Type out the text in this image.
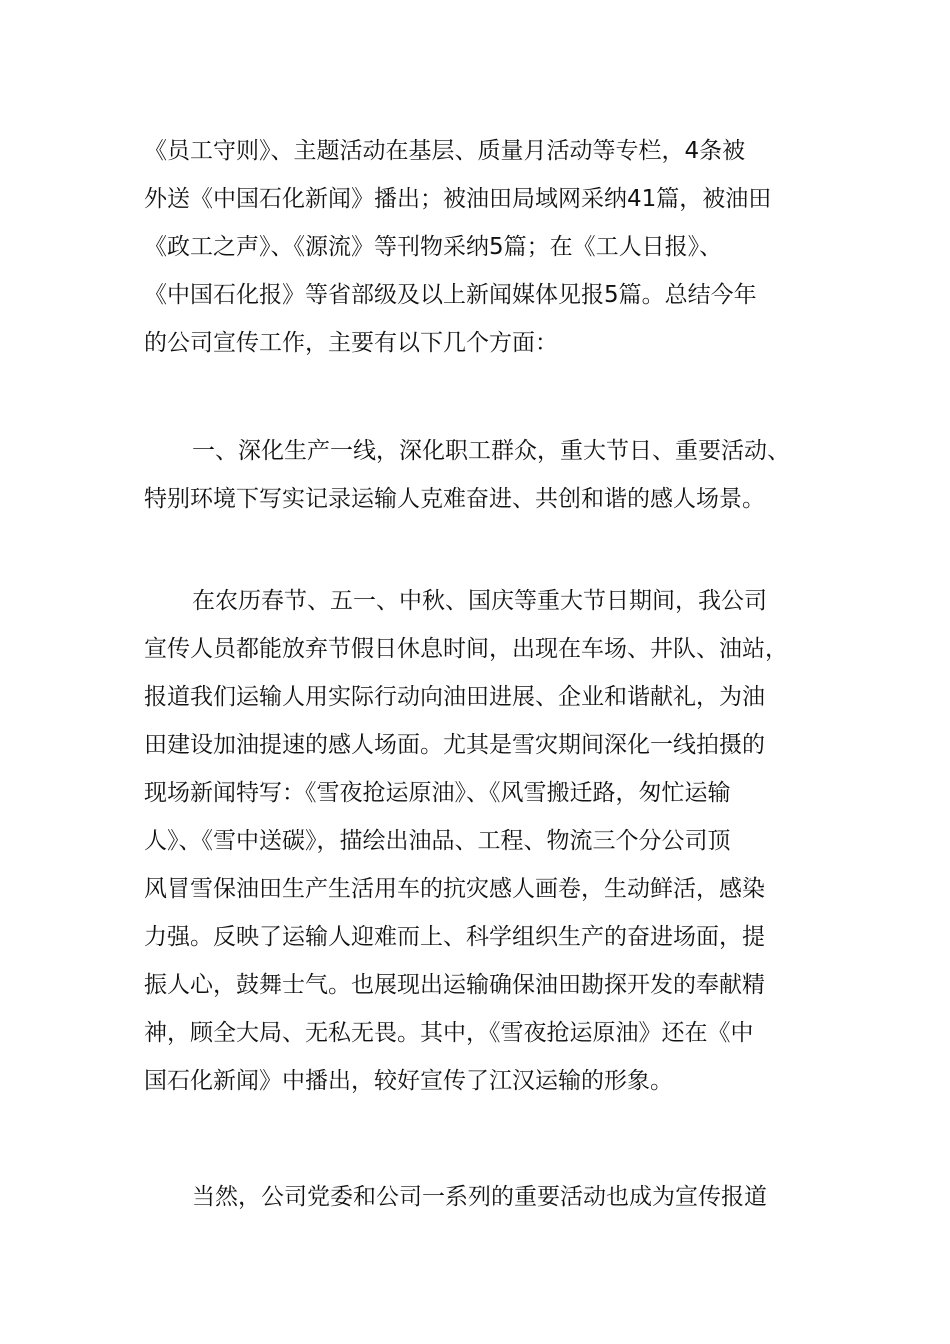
《员工守则》、主题活动在基层、质量月活动等专栏，4条被
外送《中国石化新闻》播出；被油田局域网采纳41篇，被油田
《政工之声》、《源流》等刊物采纳5篇；在《工人日报》、
《中国石化报》等省部级及以上新闻媒体见报5篇。总结今年
的公司宣传工作，主要有以下几个方面：
一、深化生产一线，深化职工群众，重大节日、重要活动、
特别环境下写实记录运输人克难奋进、共创和谐的感人场景。
在农历春节、五一、中秋、国庆等重大节日期间，我公司
宣传人员都能放弃节假日休息时间，出现在车场、井队、油站，
报道我们运输人用实际行动向油田进展、企业和谐献礼，为油
田建设加油提速的感人场面。尤其是雪灾期间深化一线拍摄的
现场新闻特写：《雪夜抢运原油》、《风雪搬迁路，匆忙运输
人》、《雪中送碳》，描绘出油品、工程、物流三个分公司顶
风冒雪保油田生产生活用车的抗灾感人画卷，生动鲜活，感染
力强。反映了运输人迎难而上、科学组织生产的奋进场面，提
振人心，鼓舞士气。也展现出运输确保油田勘探开发的奉献精
神，顾全大局、无私无畏。其中，《雪夜抢运原油》还在《中
国石化新闻》中播出，较好宣传了江汉运输的形象。
当然，公司党委和公司一系列的重要活动也成为宣传报道
